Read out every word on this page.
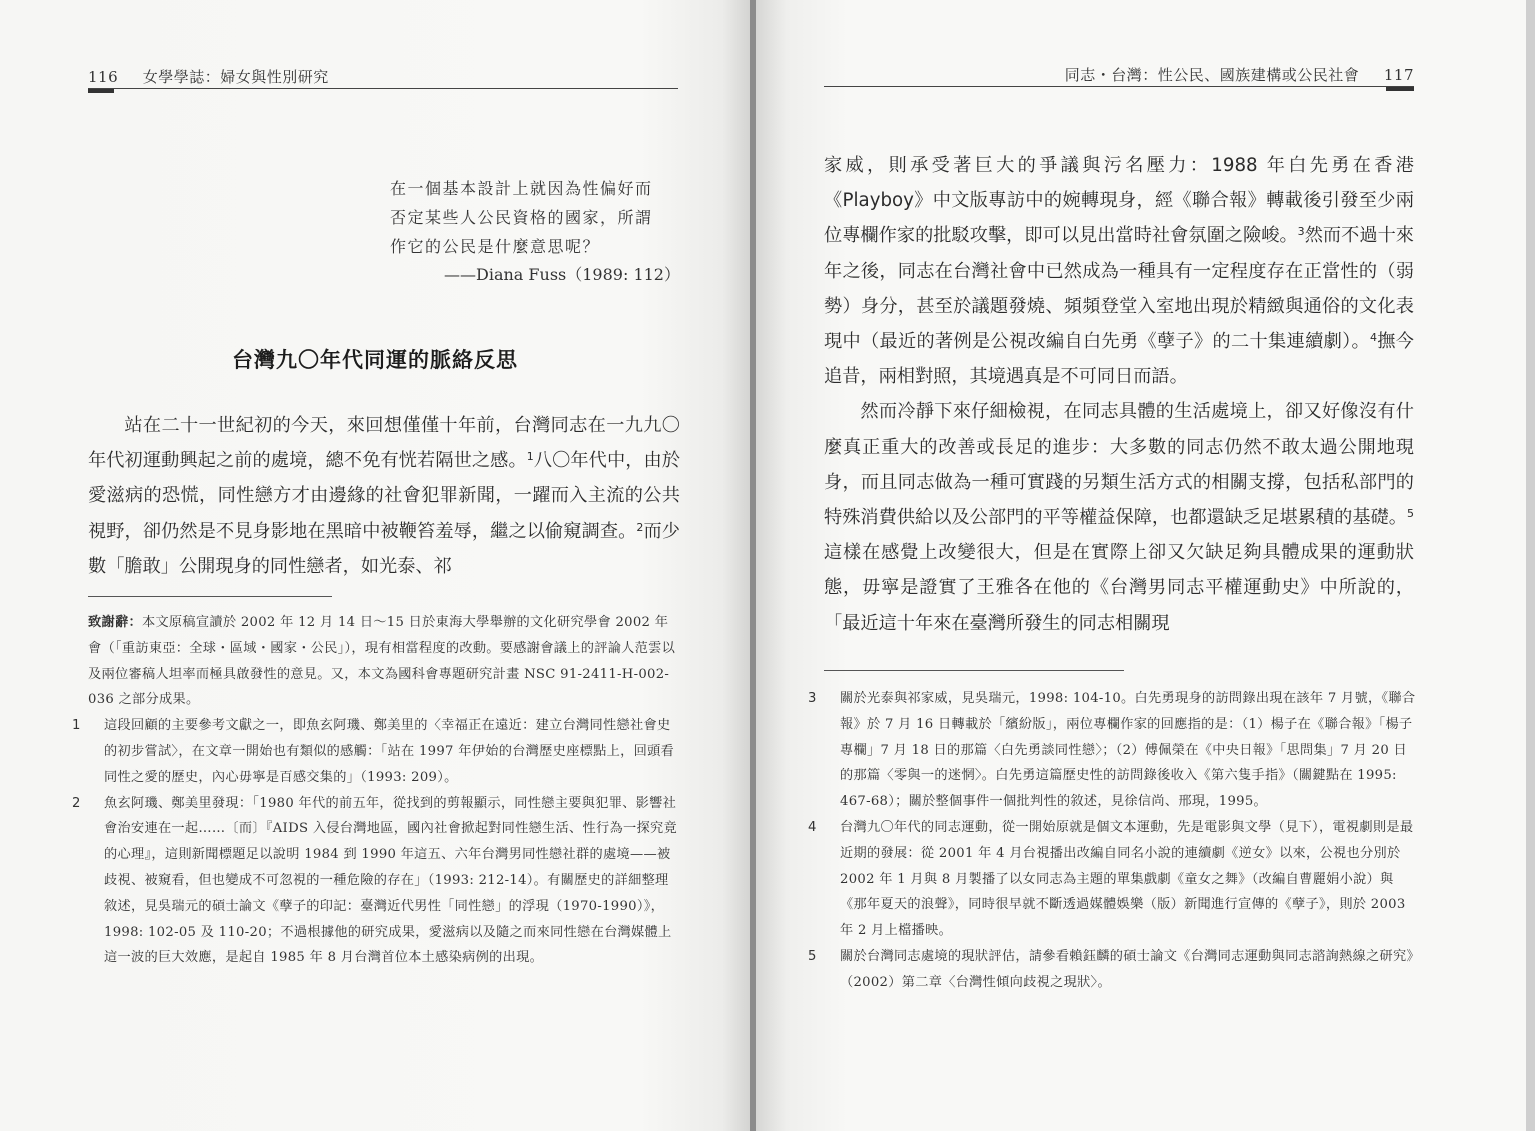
116 女學學誌：婦女與性別研究
在一個基本設計上就因為性偏好而
否定某些人公民資格的國家，所謂
作它的公民是什麼意思呢？
——Diana Fuss（1989: 112）
台灣九〇年代同運的脈絡反思

站在二十一世紀初的今天，來回想僅僅十年前，台灣同志在一九九〇年代初運動興起之前的處境，總不免有恍若隔世之感。$^1$八〇年代中，由於愛滋病的恐慌，同性戀方才由邊緣的社會犯罪新聞，一躍而入主流的公共視野，卻仍然是不見身影地在黑暗中被鞭笞羞辱，繼之以偷窺調查。$^2$而少數「膽敢」公開現身的同性戀者，如光泰、祁

致謝辭：本文原稿宣讀於 2002 年 12 月 14 日～15 日於東海大學舉辦的文化研究學會 2002 年會（「重訪東亞：全球・區域・國家・公民」），現有相當程度的改動。要感謝會議上的評論人范雲以及兩位審稿人坦率而極具啟發性的意見。又，本文為國科會專題研究計畫 NSC 91-2411-H-002-036 之部分成果。

1 這段回顧的主要參考文獻之一，即魚玄阿璣、鄭美里的〈幸福正在遠近：建立台灣同性戀社會史的初步嘗試〉，在文章一開始也有類似的感觸：「站在 1997 年伊始的台灣歷史座標點上，回頭看同性之愛的歷史，內心毋寧是百感交集的」（1993: 209）。

2 魚玄阿璣、鄭美里發現：「1980 年代的前五年，從找到的剪報顯示，同性戀主要與犯罪、影響社會治安連在一起……〔而〕『AIDS 入侵台灣地區，國內社會掀起對同性戀生活、性行為一探究竟的心理』，這則新聞標題足以說明 1984 到 1990 年這五、六年台灣男同性戀社群的處境——被歧視、被窺看，但也變成不可忽視的一種危險的存在」（1993: 212-14）。有關歷史的詳細整理敘述，見吳瑞元的碩士論文《孽子的印記：臺灣近代男性「同性戀」的浮現（1970-1990）》，1998: 102-05 及 110-20；不過根據他的研究成果，愛滋病以及隨之而來同性戀在台灣媒體上這一波的巨大效應，是起自 1985 年 8 月台灣首位本土感染病例的出現。

同志・台灣：性公民、國族建構或公民社會 117

家威，則承受著巨大的爭議與污名壓力：1988 年白先勇在香港《Playboy》中文版專訪中的婉轉現身，經《聯合報》轉載後引發至少兩位專欄作家的批駁攻擊，即可以見出當時社會氛圍之險峻。$^3$然而不過十來年之後，同志在台灣社會中已然成為一種具有一定程度存在正當性的（弱勢）身分，甚至於議題發燒、頻頻登堂入室地出現於精緻與通俗的文化表現中（最近的著例是公視改編自白先勇《孽子》的二十集連續劇）。$^4$撫今追昔，兩相對照，其境遇真是不可同日而語。

然而冷靜下來仔細檢視，在同志具體的生活處境上，卻又好像沒有什麼真正重大的改善或長足的進步：大多數的同志仍然不敢太過公開地現身，而且同志做為一種可實踐的另類生活方式的相關支撐，包括私部門的特殊消費供給以及公部門的平等權益保障，也都還缺乏足堪累積的基礎。$^5$這樣在感覺上改變很大，但是在實際上卻又欠缺足夠具體成果的運動狀態，毋寧是證實了王雅各在他的《台灣男同志平權運動史》中所說的，「最近這十年來在臺灣所發生的同志相關現

3 關於光泰與祁家威，見吳瑞元，1998: 104-10。白先勇現身的訪問錄出現在該年 7 月號，《聯合報》於 7 月 16 日轉載於「繽紛版」，兩位專欄作家的回應指的是：（1）楊子在《聯合報》「楊子專欄」7 月 18 日的那篇〈白先勇談同性戀〉；（2）傅佩榮在《中央日報》「思問集」7 月 20 日的那篇〈零與一的迷惘〉。白先勇這篇歷史性的訪問錄後收入《第六隻手指》（關鍵點在 1995: 467-68）；關於整個事件一個批判性的敘述，見徐信尚、邢現，1995。

4 台灣九〇年代的同志運動，從一開始原就是個文本運動，先是電影與文學（見下），電視劇則是最近期的發展：從 2001 年 4 月台視播出改編自同名小說的連續劇《逆女》以來，公視也分別於 2002 年 1 月與 8 月製播了以女同志為主題的單集戲劇《童女之舞》（改編自曹麗娟小說）與《那年夏天的浪聲》，同時很早就不斷透過媒體娛樂（版）新聞進行宣傳的《孽子》，則於 2003 年 2 月上檔播映。

5 關於台灣同志處境的現狀評估，請參看賴鈺麟的碩士論文《台灣同志運動與同志諮詢熱線之研究》（2002）第二章〈台灣性傾向歧視之現狀〉。
